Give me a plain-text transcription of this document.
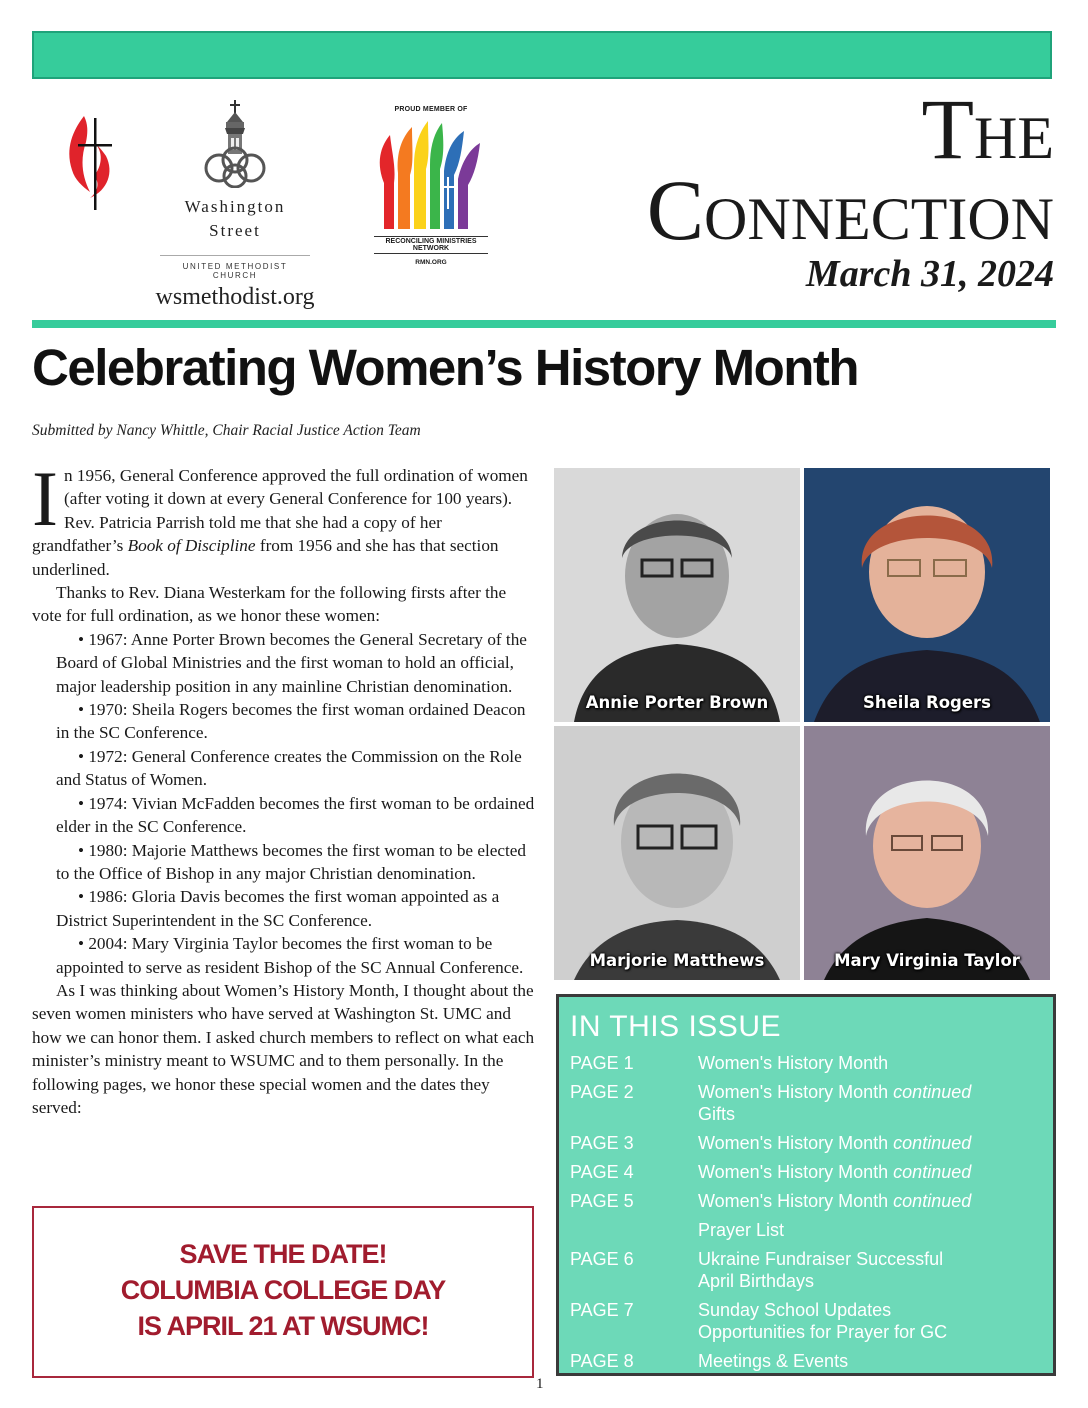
Washington
Street
UNITED METHODIST CHURCH
wsmethodist.org
PROUD MEMBER OF
RECONCILING MINISTRIES NETWORK
RMN.ORG
The
Connection
March 31, 2024
Celebrating Women’s History Month
Submitted by Nancy Whittle, Chair Racial Justice Action Team

In 1956, General Conference approved the full ordination of women (after voting it down at every General Conference for 100 years). Rev. Patricia Parrish told me that she had a copy of her grandfather’s Book of Discipline from 1956 and she has that section underlined.

Thanks to Rev. Diana Westerkam for the following firsts after the vote for full ordination, as we honor these women:

• 1967: Anne Porter Brown becomes the General Secretary of the Board of Global Ministries and the first woman to hold an official, major leadership position in any mainline Christian denomination.

• 1970: Sheila Rogers becomes the first woman ordained Deacon in the SC Conference.

• 1972: General Conference creates the Commission on the Role and Status of Women.

• 1974: Vivian McFadden becomes the first woman to be ordained elder in the SC Conference.

• 1980: Majorie Matthews becomes the first woman to be elected to the Office of Bishop in any major Christian denomination.

• 1986: Gloria Davis becomes the first woman appointed as a District Superintendent in the SC Conference.

• 2004: Mary Virginia Taylor becomes the first woman to be appointed to serve as resident Bishop of the SC Annual Conference.

As I was thinking about Women’s History Month, I thought about the seven women ministers who have served at Washington St. UMC and how we can honor them. I asked church members to reflect on what each minister’s ministry meant to WSUMC and to them personally. In the following pages, we honor these special women and the dates they served:

Annie Porter Brown	Sheila Rogers
Marjorie Matthews	Mary Virginia Taylor
SAVE THE DATE!
COLUMBIA COLLEGE DAY
IS APRIL 21 AT WSUMC!
IN THIS ISSUE
PAGE 1	Women's History Month
PAGE 2	Women's History Month continued
Gifts
PAGE 3	Women's History Month continued
PAGE 4	Women's History Month continued
PAGE 5	Women's History Month continued
Prayer List
PAGE 6	Ukraine Fundraiser Successful
April Birthdays
PAGE 7	Sunday School Updates
Opportunities for Prayer for GC
PAGE 8	Meetings & Events
1
